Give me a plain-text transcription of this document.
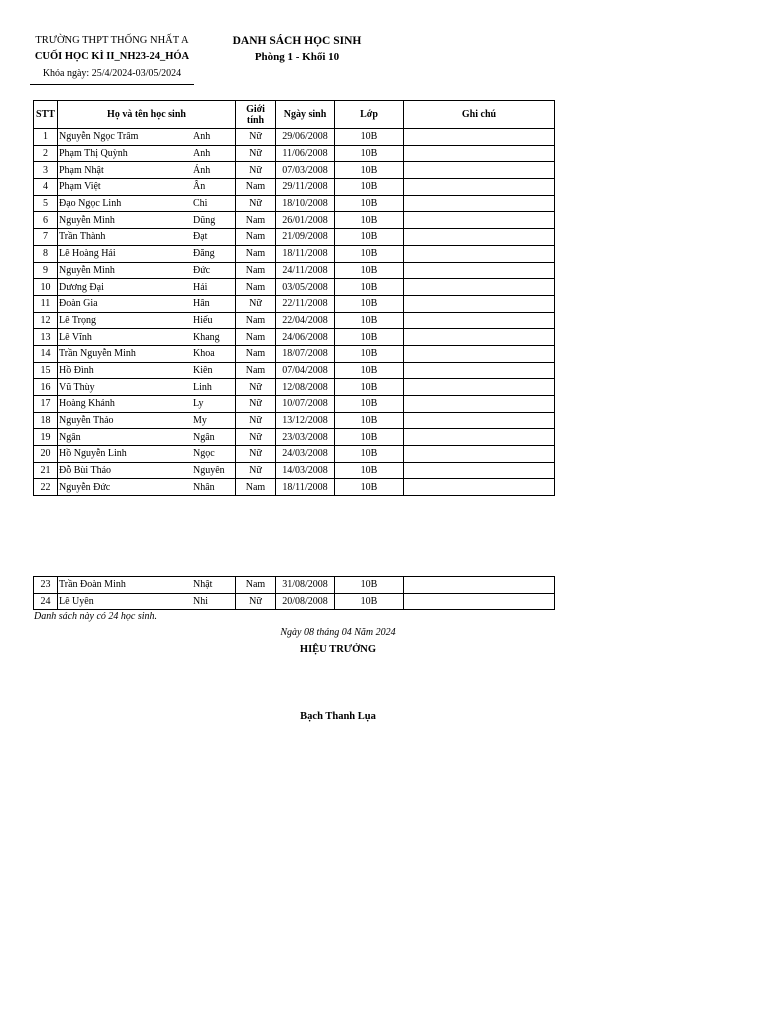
TRƯỜNG THPT THỐNG NHẤT A
CUỐI HỌC KÌ II_NH23-24_HÓA
Khóa ngày: 25/4/2024-03/05/2024
DANH SÁCH HỌC SINH
Phòng 1 - Khối 10
STT	Họ và tên học sinh	Giới tính	Ngày sinh	Lớp	Ghi chú
1	Nguyễn Ngọc Trâm Anh	Nữ	29/06/2008	10B	
2	Phạm Thị Quỳnh Anh	Nữ	11/06/2008	10B	
3	Phạm Nhật Ánh	Nữ	07/03/2008	10B	
4	Phạm Việt Ân	Nam	29/11/2008	10B	
5	Đạo Ngọc Linh Chi	Nữ	18/10/2008	10B	
6	Nguyễn Minh Dũng	Nam	26/01/2008	10B	
7	Trần Thành Đạt	Nam	21/09/2008	10B	
8	Lê Hoàng Hải Đăng	Nam	18/11/2008	10B	
9	Nguyễn Minh Đức	Nam	24/11/2008	10B	
10	Dương Đại Hải	Nam	03/05/2008	10B	
11	Đoàn Gia Hân	Nữ	22/11/2008	10B	
12	Lê Trọng Hiếu	Nam	22/04/2008	10B	
13	Lê Vĩnh Khang	Nam	24/06/2008	10B	
14	Trần Nguyễn Minh Khoa	Nam	18/07/2008	10B	
15	Hồ Đình Kiên	Nam	07/04/2008	10B	
16	Vũ Thùy Linh	Nữ	12/08/2008	10B	
17	Hoàng Khánh Ly	Nữ	10/07/2008	10B	
18	Nguyễn Thảo My	Nữ	13/12/2008	10B	
19	Ngân Ngân	Nữ	23/03/2008	10B	
20	Hồ Nguyễn Linh Ngọc	Nữ	24/03/2008	10B	
21	Đỗ Bùi Thảo Nguyên	Nữ	14/03/2008	10B	
22	Nguyễn Đức Nhân	Nam	18/11/2008	10B	
23	Trần Đoàn Minh Nhật	Nam	31/08/2008	10B	
24	Lê Uyên Nhi	Nữ	20/08/2008	10B	
Danh sách này có 24 học sinh.
Ngày 08 tháng 04 Năm 2024
HIỆU TRƯỞNG
Bạch Thanh Lụa
